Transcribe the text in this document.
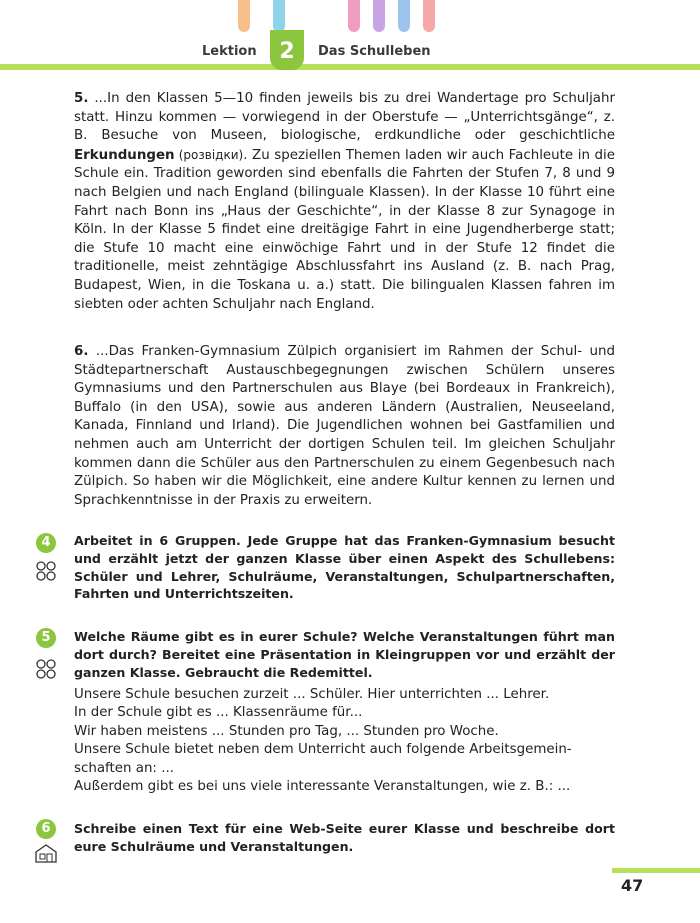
Lektion	2	Das Schulleben
5. ...In den Klassen 5—10 finden jeweils bis zu drei Wandertage pro Schuljahr statt. Hinzu kommen — vorwiegend in der Oberstufe — „Unterrichtsgänge“, z. B. Besuche von Museen, biologische, erdkundliche oder geschichtliche Erkundungen (розвідки). Zu speziellen Themen laden wir auch Fachleute in die Schule ein. Tradition geworden sind ebenfalls die Fahrten der Stufen 7, 8 und 9 nach Belgien und nach England (bilinguale Klassen). In der Klasse 10 führt eine Fahrt nach Bonn ins „Haus der Geschichte“, in der Klasse 8 zur Synagoge in Köln. In der Klasse 5 findet eine dreitägige Fahrt in eine Jugendherberge statt; die Stufe 10 macht eine einwöchige Fahrt und in der Stufe 12 findet die traditionelle, meist zehntägige Abschlussfahrt ins Ausland (z. B. nach Prag, Budapest, Wien, in die Toskana u. a.) statt. Die bilingualen Klassen fahren im siebten oder achten Schuljahr nach England.
6. ...Das Franken-Gymnasium Zülpich organisiert im Rahmen der Schul- und Städtepartnerschaft Austauschbegegnungen zwischen Schülern unseres Gymnasiums und den Partnerschulen aus Blaye (bei Bordeaux in Frankreich), Buffalo (in den USA), sowie aus anderen Ländern (Australien, Neuseeland, Kanada, Finnland und Irland). Die Jugendlichen wohnen bei Gastfamilien und nehmen auch am Unterricht der dortigen Schulen teil. Im gleichen Schuljahr kommen dann die Schüler aus den Partnerschulen zu einem Gegenbesuch nach Zülpich. So haben wir die Möglichkeit, eine andere Kultur kennen zu lernen und Sprachkenntnisse in der Praxis zu erweitern.
4	Arbeitet in 6 Gruppen. Jede Gruppe hat das Franken-Gymnasium besucht und erzählt jetzt der ganzen Klasse über einen Aspekt des Schullebens: Schüler und Lehrer, Schulräume, Veranstaltungen, Schulpartnerschaften, Fahrten und Unterrichtszeiten.
5	Welche Räume gibt es in eurer Schule? Welche Veranstaltungen führt man dort durch? Bereitet eine Präsentation in Kleingruppen vor und erzählt der ganzen Klasse. Gebraucht die Redemittel.
Unsere Schule besuchen zurzeit ... Schüler. Hier unterrichten ... Lehrer.
In der Schule gibt es ... Klassenräume für...
Wir haben meistens ... Stunden pro Tag, ... Stunden pro Woche.
Unsere Schule bietet neben dem Unterricht auch folgende Arbeitsgemein-
schaften an: ...
Außerdem gibt es bei uns viele interessante Veranstaltungen, wie z. B.: ...
6	Schreibe einen Text für eine Web-Seite eurer Klasse und beschreibe dort eure Schulräume und Veranstaltungen.
47
